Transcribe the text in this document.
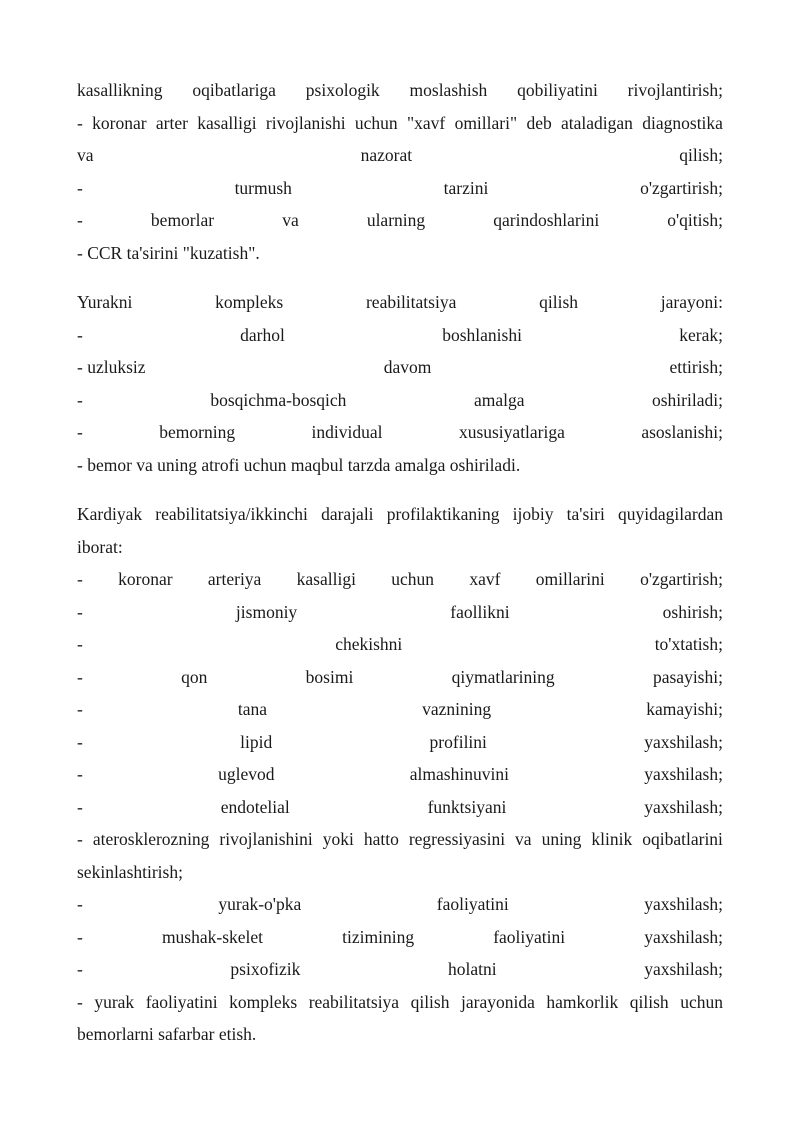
kasallikning oqibatlariga psixologik moslashish qobiliyatini rivojlantirish;
- koronar arter kasalligi rivojlanishi uchun "xavf omillari" deb ataladigan diagnostika
va	nazorat	qilish;
-	turmush	tarzini	o'zgartirish;
-	bemorlar	va	ularning	qarindoshlarini	o'qitish;
- CCR ta'sirini "kuzatish".
Yurakni	kompleks	reabilitatsiya	qilish	jarayoni:
-	darhol	boshlanishi	kerak;
- uzluksiz	davom	ettirish;
-	bosqichma-bosqich	amalga	oshiriladi;
-	bemorning	individual	xususiyatlariga	asoslanishi;
- bemor va uning atrofi uchun maqbul tarzda amalga oshiriladi.
Kardiyak reabilitatsiya/ikkinchi darajali profilaktikaning ijobiy ta'siri quyidagilardan
iborat:
- koronar arteriya kasalligi uchun xavf omillarini o'zgartirish;
-	jismoniy	faollikni	oshirish;
-	chekishni	to'xtatish;
-	qon	bosimi	qiymatlarining	pasayishi;
-	tana	vaznining	kamayishi;
-	lipid	profilini	yaxshilash;
-	uglevod	almashinuvini	yaxshilash;
-	endotelial	funktsiyani	yaxshilash;
- aterosklerozning rivojlanishini yoki hatto regressiyasini va uning klinik oqibatlarini
sekinlashtirish;
-	yurak-o'pka	faoliyatini	yaxshilash;
-	mushak-skelet	tizimining	faoliyatini	yaxshilash;
-	psixofizik	holatni	yaxshilash;
- yurak faoliyatini kompleks reabilitatsiya qilish jarayonida hamkorlik qilish uchun
bemorlarni safarbar etish.
